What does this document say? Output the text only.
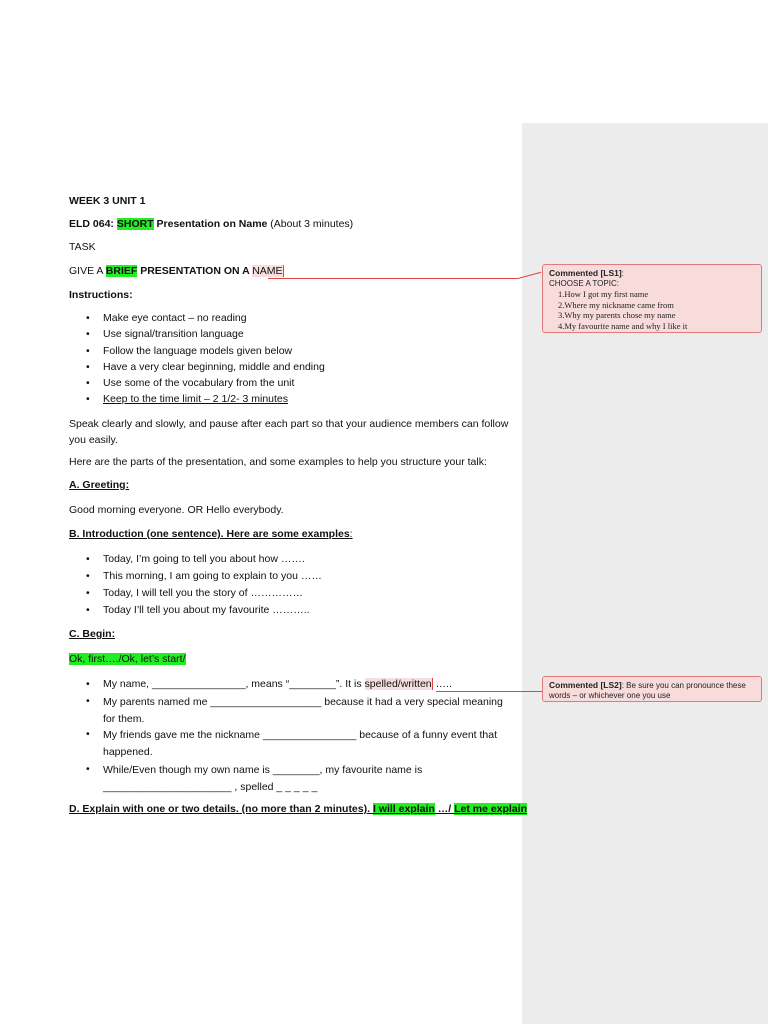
WEEK 3 UNIT 1
ELD 064: SHORT Presentation on Name (About 3 minutes)
TASK
GIVE A BRIEF PRESENTATION ON A NAME
Instructions:
• Make eye contact – no reading
• Use signal/transition language
• Follow the language models given below
• Have a very clear beginning, middle and ending
• Use some of the vocabulary from the unit
• Keep to the time limit – 2 1/2- 3 minutes
Speak clearly and slowly, and pause after each part so that your audience members can follow you easily.
Here are the parts of the presentation, and some examples to help you structure your talk:
A. Greeting:
Good morning everyone. OR Hello everybody.
B. Introduction (one sentence). Here are some examples:
• Today, I’m going to tell you about how …….
• This morning, I am going to explain to you ……
• Today, I will tell you the story of ……………
• Today I’ll tell you about my favourite ………..
C. Begin:
Ok, first…./Ok, let’s start/
• My name, ________________, means “________”. It is spelled/written …..
• My parents named me ___________________ because it had a very special meaning for them.
• My friends gave me the nickname ________________ because of a funny event that happened.
• While/Even though my own name is ________, my favourite name is ______________________ , spelled _ _ _ _ _
D. Explain with one or two details. (no more than 2 minutes). I will explain …/ Let me explain
Commented [LS1]:
CHOOSE A TOPIC:
1.How I got my first name
2.Where my nickname came from
3.Why my parents chose my name
4.My favourite name and why I like it
Commented [LS2]: Be sure you can pronounce these words – or whichever one you use
